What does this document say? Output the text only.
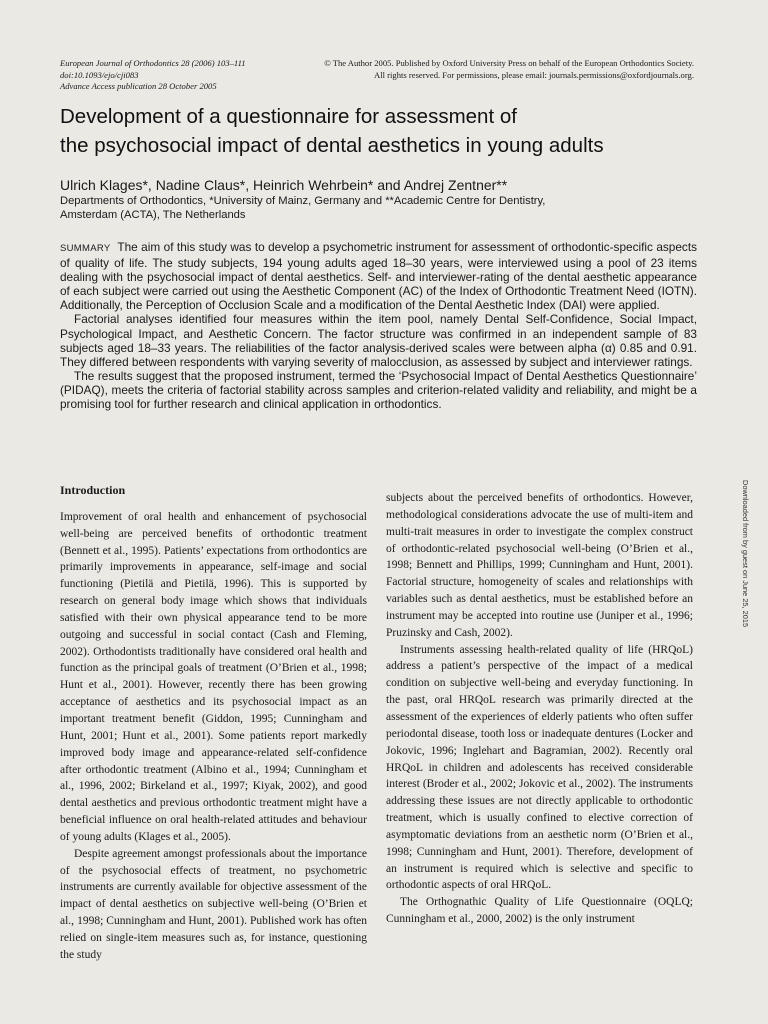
European Journal of Orthodontics 28 (2006) 103–111
doi:10.1093/ejo/cji083
Advance Access publication 28 October 2005
© The Author 2005. Published by Oxford University Press on behalf of the European Orthodontics Society.
All rights reserved. For permissions, please email: journals.permissions@oxfordjournals.org.
Development of a questionnaire for assessment of
the psychosocial impact of dental aesthetics in young adults
Ulrich Klages*, Nadine Claus*, Heinrich Wehrbein* and Andrej Zentner**
Departments of Orthodontics, *University of Mainz, Germany and **Academic Centre for Dentistry,
Amsterdam (ACTA), The Netherlands

SUMMARY The aim of this study was to develop a psychometric instrument for assessment of orthodontic-specific aspects of quality of life. The study subjects, 194 young adults aged 18–30 years, were interviewed using a pool of 23 items dealing with the psychosocial impact of dental aesthetics. Self- and interviewer-rating of the dental aesthetic appearance of each subject were carried out using the Aesthetic Component (AC) of the Index of Orthodontic Treatment Need (IOTN). Additionally, the Perception of Occlusion Scale and a modification of the Dental Aesthetic Index (DAI) were applied.

Factorial analyses identified four measures within the item pool, namely Dental Self-Confidence, Social Impact, Psychological Impact, and Aesthetic Concern. The factor structure was confirmed in an independent sample of 83 subjects aged 18–33 years. The reliabilities of the factor analysis-derived scales were between alpha (α) 0.85 and 0.91. They differed between respondents with varying severity of malocclusion, as assessed by subject and interviewer ratings.

The results suggest that the proposed instrument, termed the ‘Psychosocial Impact of Dental Aesthetics Questionnaire’ (PIDAQ), meets the criteria of factorial stability across samples and criterion-related validity and reliability, and might be a promising tool for further research and clinical application in orthodontics.

Downloaded from by guest on June 25, 2015
Introduction

Improvement of oral health and enhancement of psychosocial well-being are perceived benefits of orthodontic treatment (Bennett et al., 1995). Patients’ expectations from orthodontics are primarily improvements in appearance, self-image and social functioning (Pietilä and Pietilä, 1996). This is supported by research on general body image which shows that individuals satisfied with their own physical appearance tend to be more outgoing and successful in social contact (Cash and Fleming, 2002). Orthodontists traditionally have considered oral health and function as the principal goals of treatment (O’Brien et al., 1998; Hunt et al., 2001). However, recently there has been growing acceptance of aesthetics and its psychosocial impact as an important treatment benefit (Giddon, 1995; Cunningham and Hunt, 2001; Hunt et al., 2001). Some patients report markedly improved body image and appearance-related self-confidence after orthodontic treatment (Albino et al., 1994; Cunningham et al., 1996, 2002; Birkeland et al., 1997; Kiyak, 2002), and good dental aesthetics and previous orthodontic treatment might have a beneficial influence on oral health-related attitudes and behaviour of young adults (Klages et al., 2005).

Despite agreement amongst professionals about the importance of the psychosocial effects of treatment, no psychometric instruments are currently available for objective assessment of the impact of dental aesthetics on subjective well-being (O’Brien et al., 1998; Cunningham and Hunt, 2001). Published work has often relied on single-item measures such as, for instance, questioning the study

subjects about the perceived benefits of orthodontics. However, methodological considerations advocate the use of multi-item and multi-trait measures in order to investigate the complex construct of orthodontic-related psychosocial well-being (O’Brien et al., 1998; Bennett and Phillips, 1999; Cunningham and Hunt, 2001). Factorial structure, homogeneity of scales and relationships with variables such as dental aesthetics, must be established before an instrument may be accepted into routine use (Juniper et al., 1996; Pruzinsky and Cash, 2002).

Instruments assessing health-related quality of life (HRQoL) address a patient’s perspective of the impact of a medical condition on subjective well-being and everyday functioning. In the past, oral HRQoL research was primarily directed at the assessment of the experiences of elderly patients who often suffer periodontal disease, tooth loss or inadequate dentures (Locker and Jokovic, 1996; Inglehart and Bagramian, 2002). Recently oral HRQoL in children and adolescents has received considerable interest (Broder et al., 2002; Jokovic et al., 2002). The instruments addressing these issues are not directly applicable to orthodontic treatment, which is usually confined to elective correction of asymptomatic deviations from an aesthetic norm (O’Brien et al., 1998; Cunningham and Hunt, 2001). Therefore, development of an instrument is required which is selective and specific to orthodontic aspects of oral HRQoL.

The Orthognathic Quality of Life Questionnaire (OQLQ; Cunningham et al., 2000, 2002) is the only instrument
